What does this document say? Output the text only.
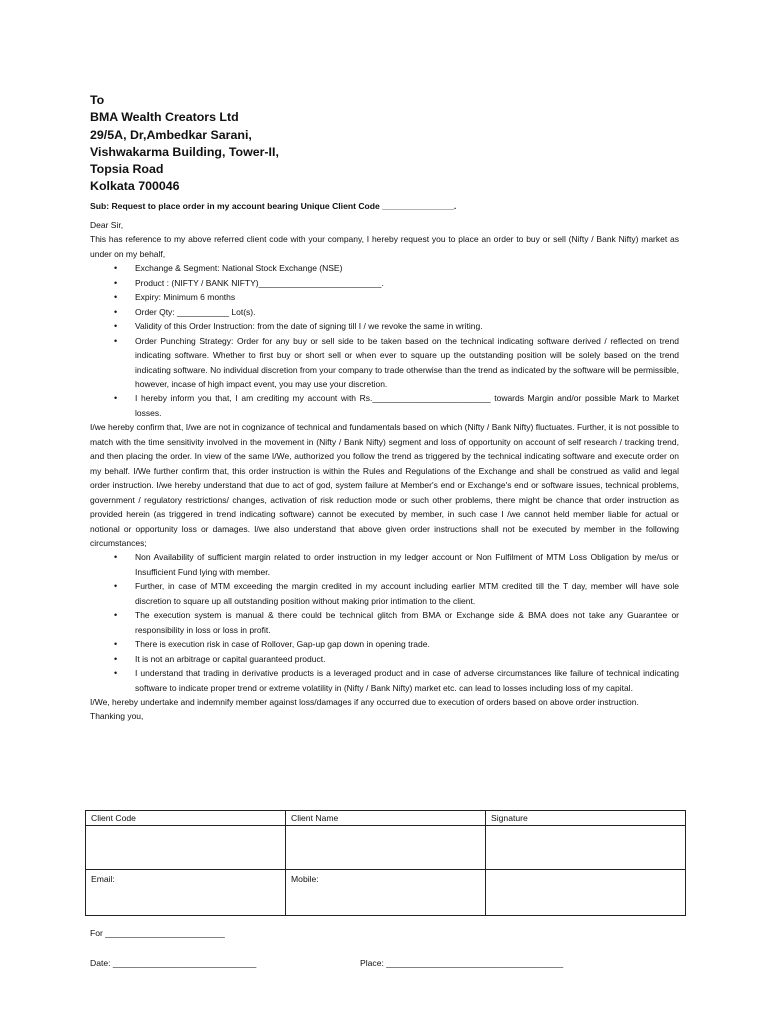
To
BMA Wealth Creators Ltd
29/5A, Dr,Ambedkar Sarani,
Vishwakarma Building, Tower-II,
Topsia Road
Kolkata 700046
Sub: Request to place order in my account bearing Unique Client Code _______________.

Dear Sir,

This has reference to my above referred client code with your company, I hereby request you to place an order to buy or sell (Nifty / Bank Nifty) market as under on my behalf,

• Exchange & Segment: National Stock Exchange (NSE)
• Product : (NIFTY / BANK NIFTY)__________________________.
• Expiry: Minimum 6 months
• Order Qty: ___________ Lot(s).
• Validity of this Order Instruction: from the date of signing till I / we revoke the same in writing.
• Order Punching Strategy: Order for any buy or sell side to be taken based on the technical indicating software derived / reflected on trend indicating software. Whether to first buy or short sell or when ever to square up the outstanding position will be solely based on the trend indicating software. No individual discretion from your company to trade otherwise than the trend as indicated by the software will be permissible, however, incase of high impact event, you may use your discretion.
• I hereby inform you that, I am crediting my account with Rs._________________________ towards Margin and/or possible Mark to Market losses.

I/we hereby confirm that, I/we are not in cognizance of technical and fundamentals based on which (Nifty / Bank Nifty) fluctuates. Further, it is not possible to match with the time sensitivity involved in the movement in (Nifty / Bank Nifty) segment and loss of opportunity on account of self research / tracking trend, and then placing the order. In view of the same I/We, authorized you follow the trend as triggered by the technical indicating software and execute order on my behalf. I/We further confirm that, this order instruction is within the Rules and Regulations of the Exchange and shall be construed as valid and legal order instruction. I/we hereby understand that due to act of god, system failure at Member's end or Exchange's end or software issues, technical problems, government / regulatory restrictions/ changes, activation of risk reduction mode or such other problems, there might be chance that order instruction as provided herein (as triggered in trend indicating software) cannot be executed by member, in such case I /we cannot held member liable for actual or notional or opportunity loss or damages. I/we also understand that above given order instructions shall not be executed by member in the following circumstances;

• Non Availability of sufficient margin related to order instruction in my ledger account or Non Fulfilment of MTM Loss Obligation by me/us or Insufficient Fund lying with member.
• Further, in case of MTM exceeding the margin credited in my account including earlier MTM credited till the T day, member will have sole discretion to square up all outstanding position without making prior intimation to the client.
• The execution system is manual & there could be technical glitch from BMA or Exchange side & BMA does not take any Guarantee or responsibility in loss or loss in profit.
• There is execution risk in case of Rollover, Gap-up gap down in opening trade.
• It is not an arbitrage or capital guaranteed product.
• I understand that trading in derivative products is a leveraged product and in case of adverse circumstances like failure of technical indicating software to indicate proper trend or extreme volatility in (Nifty / Bank Nifty) market etc. can lead to losses including loss of my capital.

I/We, hereby undertake and indemnify member against loss/damages if any occurred due to execution of orders based on above order instruction.

Thanking you,

Client Code	Client Name	Signature

Email:	Mobile:	
For _________________________
Date: ______________________________	Place: _____________________________________
